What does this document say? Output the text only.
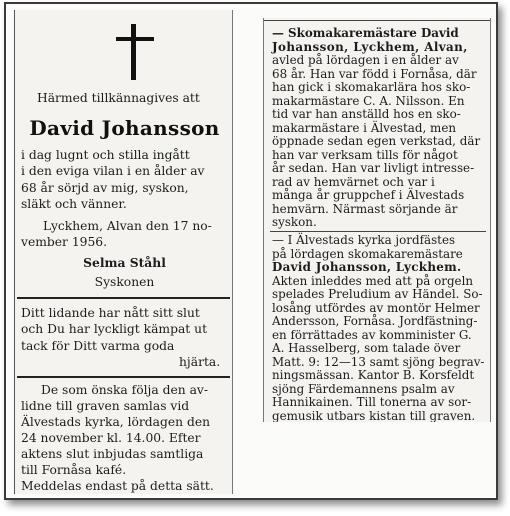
Härmed tillkännagives att
David Johansson
i dag lugnt och stilla ingått
i den eviga vilan i en ålder av
68 år sörjd av mig, syskon,
släkt och vänner.
Lyckhem, Alvan den 17 no-
vember 1956.
Selma Ståhl
Syskonen
Ditt lidande har nått sitt slut
och Du har lyckligt kämpat ut
tack för Ditt varma goda
hjärta.
De som önska följa den av-
lidne till graven samlas vid
Älvestads kyrka, lördagen den
24 november kl. 14.00. Efter
aktens slut inbjudas samtliga
till Fornåsa kafé.
Meddelas endast på detta sätt.
— Skomakaremästare David
Johansson, Lyckhem, Alvan,
avled på lördagen i en ålder av
68 år. Han var född i Fornåsa, där
han gick i skomakarlära hos sko-
makarmästare C. A. Nilsson. En
tid var han anställd hos en sko-
makarmästare i Älvestad, men
öppnade sedan egen verkstad, där
han var verksam tills för något
år sedan. Han var livligt intresse-
rad av hemvärnet och var i
många år gruppchef i Älvestads
hemvärn. Närmast sörjande är
syskon.
— I Älvestads kyrka jordfästes
på lördagen skomakaremästare
David Johansson, Lyckhem.
Akten inleddes med att på orgeln
spelades Preludium av Händel. So-
losång utfördes av montör Helmer
Andersson, Fornåsa. Jordfästning-
en förrättades av komminister G.
A. Hasselberg, som talade över
Matt. 9: 12—13 samt sjöng begrav-
ningsmässan. Kantor B. Korsfeldt
sjöng Färdemannens psalm av
Hannikainen. Till tonerna av sor-
gemusik utbars kistan till graven.
